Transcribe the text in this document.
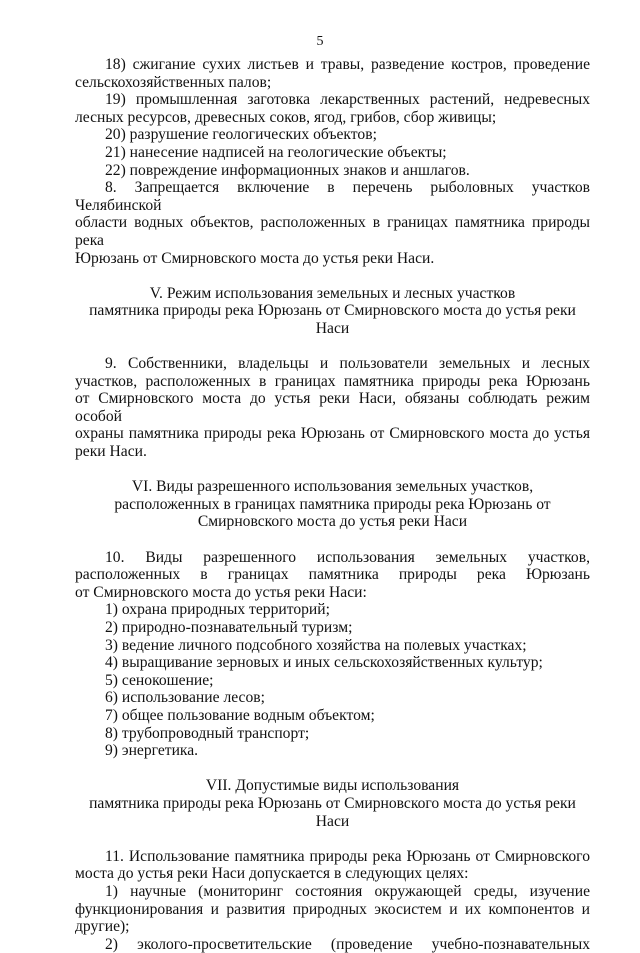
5

18) сжигание сухих листьев и травы, разведение костров, проведение

сельскохозяйственных палов;

19) промышленная заготовка лекарственных растений, недревесных

лесных ресурсов, древесных соков, ягод, грибов, сбор живицы;

20) разрушение геологических объектов;

21) нанесение надписей на геологические объекты;

22) повреждение информационных знаков и аншлагов.

8. Запрещается включение в перечень рыболовных участков Челябинской

области водных объектов, расположенных в границах памятника природы река

Юрюзань от Смирновского моста до устья реки Наси.

V. Режим использования земельных и лесных участков

памятника природы река Юрюзань от Смирновского моста до устья реки Наси

9. Собственники, владельцы и пользователи земельных и лесных

участков, расположенных в границах памятника природы река Юрюзань

от Смирновского моста до устья реки Наси, обязаны соблюдать режим особой

охраны памятника природы река Юрюзань от Смирновского моста до устья

реки Наси.

VI. Виды разрешенного использования земельных участков,

расположенных в границах памятника природы река Юрюзань от

Смирновского моста до устья реки Наси

10. Виды разрешенного использования земельных участков,

расположенных в границах памятника природы река Юрюзань

от Смирновского моста до устья реки Наси:

1) охрана природных территорий;

2) природно-познавательный туризм;

3) ведение личного подсобного хозяйства на полевых участках;

4) выращивание зерновых и иных сельскохозяйственных культур;

5) сенокошение;

6) использование лесов;

7) общее пользование водным объектом;

8) трубопроводный транспорт;

9) энергетика.

VII. Допустимые виды использования

памятника природы река Юрюзань от Смирновского моста до устья реки Наси

11. Использование памятника природы река Юрюзань от Смирновского

моста до устья реки Наси допускается в следующих целях:

1) научные (мониторинг состояния окружающей среды, изучение

функционирования и развития природных экосистем и их компонентов и

другие);

2) эколого-просветительские (проведение учебно-познавательных
